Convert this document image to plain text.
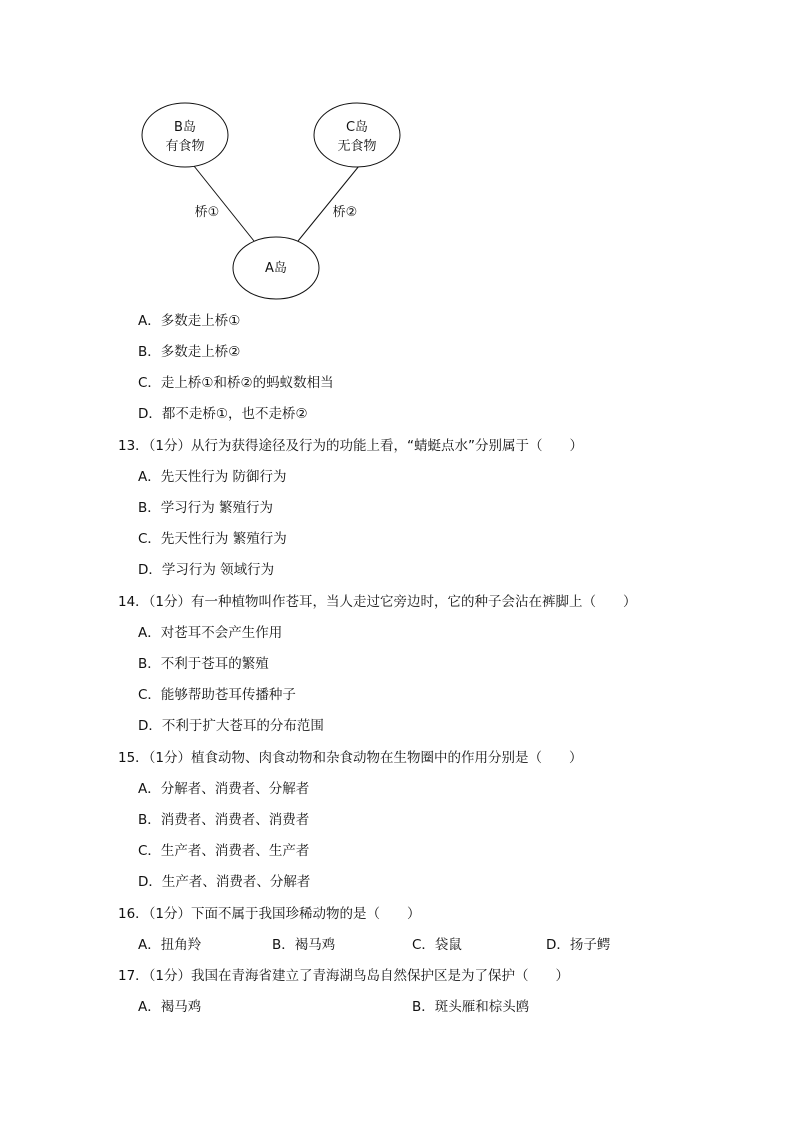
B岛
有食物
C岛
无食物
A岛
桥①	桥②
A．多数走上桥①
B．多数走上桥②
C．走上桥①和桥②的蚂蚁数相当
D．都不走桥①，也不走桥②
13．（1分）从行为获得途径及行为的功能上看，“蜻蜓点水”分别属于（　　）
A．先天性行为 防御行为
B．学习行为 繁殖行为
C．先天性行为 繁殖行为
D．学习行为 领域行为
14．（1分）有一种植物叫作苍耳，当人走过它旁边时，它的种子会沾在裤脚上（　　）
A．对苍耳不会产生作用
B．不利于苍耳的繁殖
C．能够帮助苍耳传播种子
D．不利于扩大苍耳的分布范围
15．（1分）植食动物、肉食动物和杂食动物在生物圈中的作用分别是（　　）
A．分解者、消费者、分解者
B．消费者、消费者、消费者
C．生产者、消费者、生产者
D．生产者、消费者、分解者
16．（1分）下面不属于我国珍稀动物的是（　　）
A．扭角羚	B．褐马鸡	C．袋鼠	D．扬子鳄
17．（1分）我国在青海省建立了青海湖鸟岛自然保护区是为了保护（　　）
A．褐马鸡	B．斑头雁和棕头鸥
